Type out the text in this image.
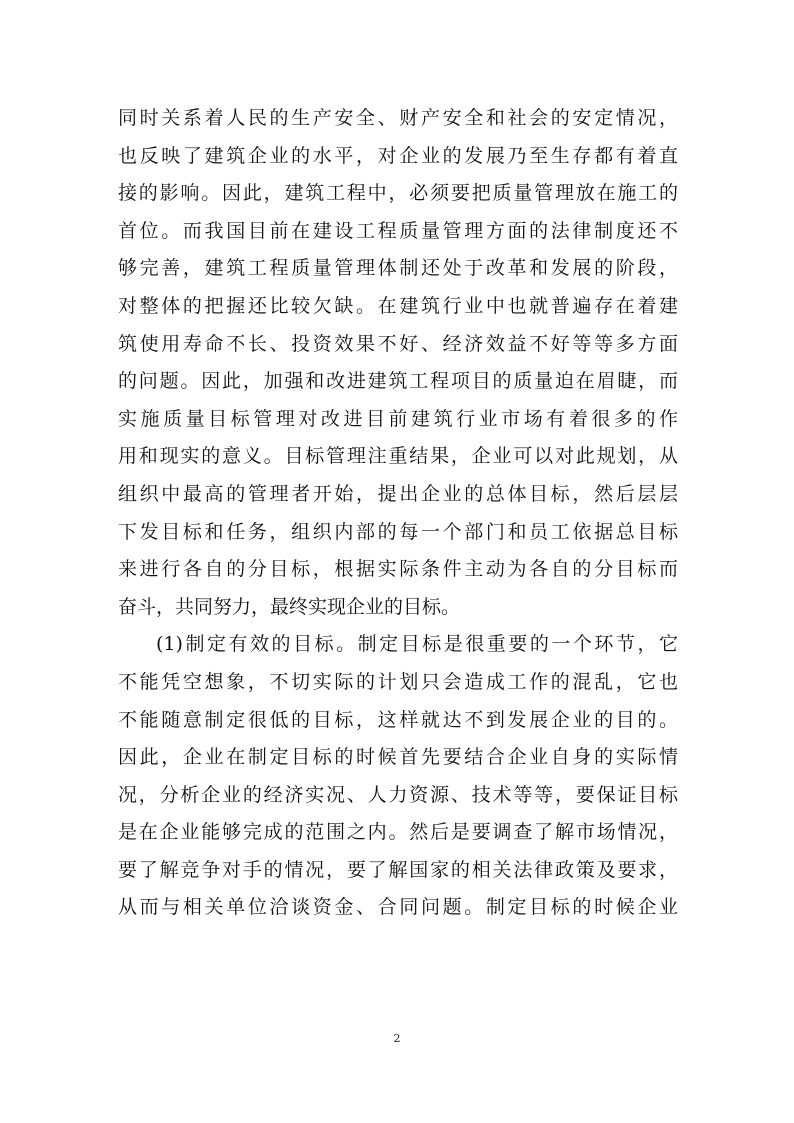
同时关系着人民的生产安全、财产安全和社会的安定情况，
也反映了建筑企业的水平，对企业的发展乃至生存都有着直
接的影响。因此，建筑工程中，必须要把质量管理放在施工的
首位。而我国目前在建设工程质量管理方面的法律制度还不
够完善，建筑工程质量管理体制还处于改革和发展的阶段，
对整体的把握还比较欠缺。在建筑行业中也就普遍存在着建
筑使用寿命不长、投资效果不好、经济效益不好等等多方面
的问题。因此，加强和改进建筑工程项目的质量迫在眉睫，而
实施质量目标管理对改进目前建筑行业市场有着很多的作
用和现实的意义。目标管理注重结果，企业可以对此规划，从
组织中最高的管理者开始，提出企业的总体目标，然后层层
下发目标和任务，组织内部的每一个部门和员工依据总目标
来进行各自的分目标，根据实际条件主动为各自的分目标而
奋斗，共同努力，最终实现企业的目标。
(1)制定有效的目标。制定目标是很重要的一个环节，它
不能凭空想象，不切实际的计划只会造成工作的混乱，它也
不能随意制定很低的目标，这样就达不到发展企业的目的。
因此，企业在制定目标的时候首先要结合企业自身的实际情
况，分析企业的经济实况、人力资源、技术等等，要保证目标
是在企业能够完成的范围之内。然后是要调查了解市场情况，
要了解竞争对手的情况，要了解国家的相关法律政策及要求，
从而与相关单位洽谈资金、合同问题。制定目标的时候企业
2
